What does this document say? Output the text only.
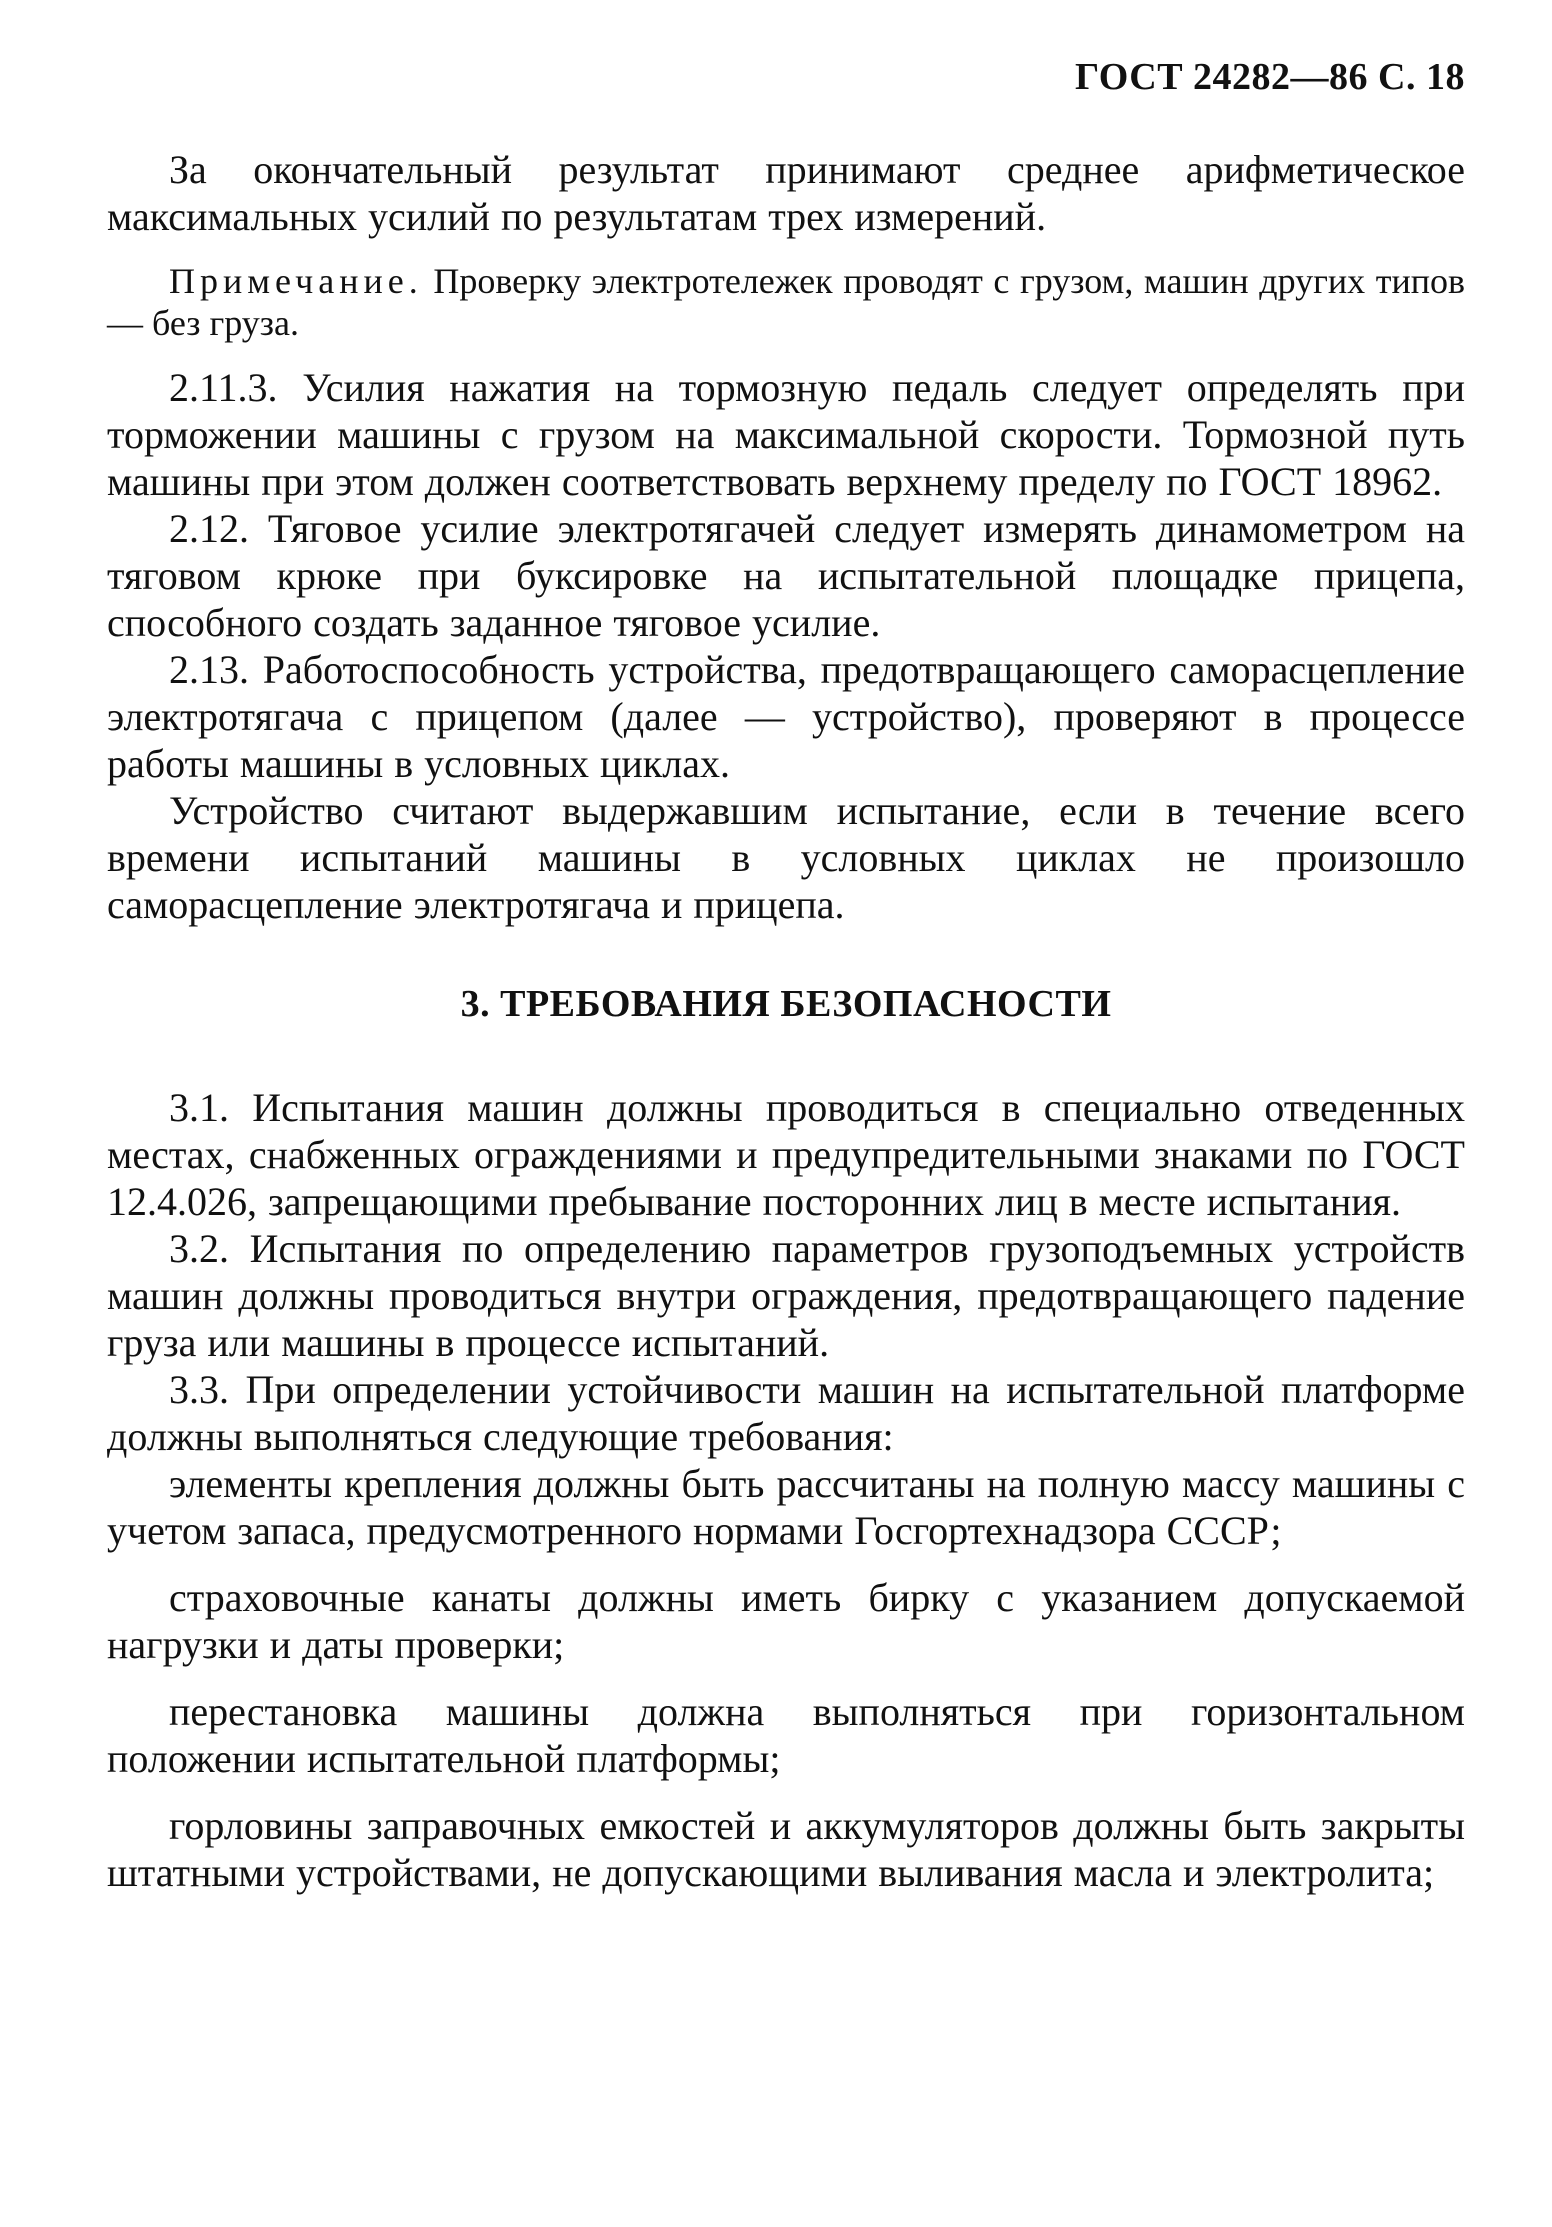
ГОСТ 24282—86 С. 18

За окончательный результат принимают среднее арифметическое максимальных усилий по результатам трех измерений.

Примечание. Проверку электротележек проводят с грузом, машин других типов — без груза.

2.11.3. Усилия нажатия на тормозную педаль следует определять при торможении машины с грузом на максимальной скорости. Тормозной путь машины при этом должен соответствовать верхнему пределу по ГОСТ 18962.

2.12. Тяговое усилие электротягачей следует измерять динамометром на тяговом крюке при буксировке на испытательной площадке прицепа, способного создать заданное тяговое усилие.

2.13. Работоспособность устройства, предотвращающего саморасцепление электротягача с прицепом (далее — устройство), проверяют в процессе работы машины в условных циклах.

Устройство считают выдержавшим испытание, если в течение всего времени испытаний машины в условных циклах не произошло саморасцепление электротягача и прицепа.

3. ТРЕБОВАНИЯ БЕЗОПАСНОСТИ

3.1. Испытания машин должны проводиться в специально отведенных местах, снабженных ограждениями и предупредительными знаками по ГОСТ 12.4.026, запрещающими пребывание посторонних лиц в месте испытания.

3.2. Испытания по определению параметров грузоподъемных устройств машин должны проводиться внутри ограждения, предотвращающего падение груза или машины в процессе испытаний.

3.3. При определении устойчивости машин на испытательной платформе должны выполняться следующие требования:

элементы крепления должны быть рассчитаны на полную массу машины с учетом запаса, предусмотренного нормами Госгортехнадзора СССР;

страховочные канаты должны иметь бирку с указанием допускаемой нагрузки и даты проверки;

перестановка машины должна выполняться при горизонтальном положении испытательной платформы;

горловины заправочных емкостей и аккумуляторов должны быть закрыты штатными устройствами, не допускающими выливания масла и электролита;
